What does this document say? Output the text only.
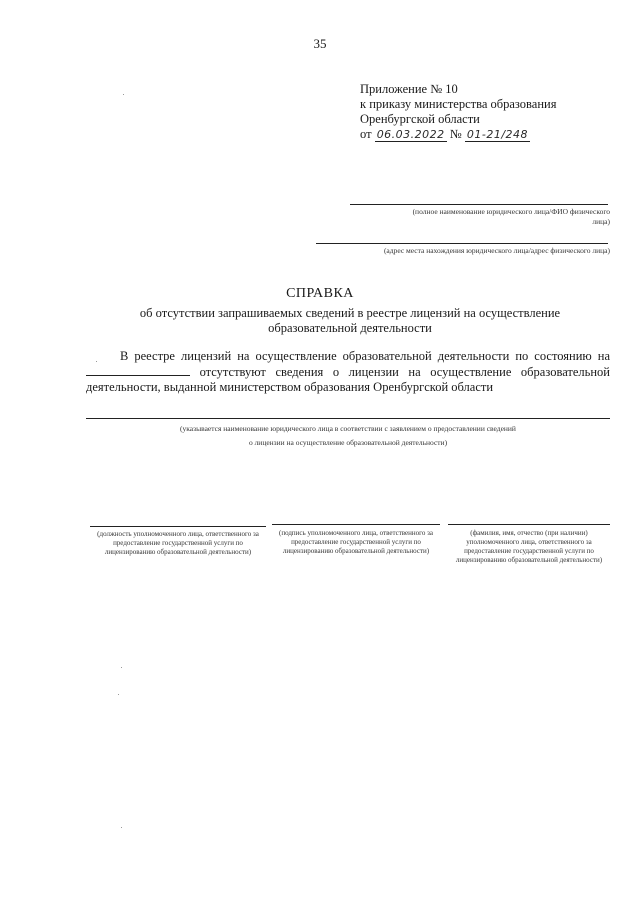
35
Приложение № 10
к приказу министерства образования
Оренбургской области
от 06.03.2022 № 01-21/248
(полное наименование юридического лица/ФИО физического
лица)
(адрес места нахождения юридического лица/адрес физического лица)
СПРАВКА
об отсутствии запрашиваемых сведений в реестре лицензий на осуществление
образовательной деятельности
В реестре лицензий на осуществление образовательной деятельности по состоянию на  отсутствуют сведения о лицензии на осуществление образовательной деятельности, выданной министерством образования Оренбургской области
(указывается наименование юридического лица в соответствии с заявлением о предоставлении сведений
о лицензии на осуществление образовательной деятельности)
(должность уполномоченного лица, ответственного за предоставление государственной услуги по лицензированию образовательной деятельности)
(подпись уполномоченного лица, ответственного за предоставление государственной услуги по лицензированию образовательной деятельности)
(фамилия, имя, отчество (при наличии) уполномоченного лица, ответственного за предоставление государственной услуги по лицензированию образовательной деятельности)
